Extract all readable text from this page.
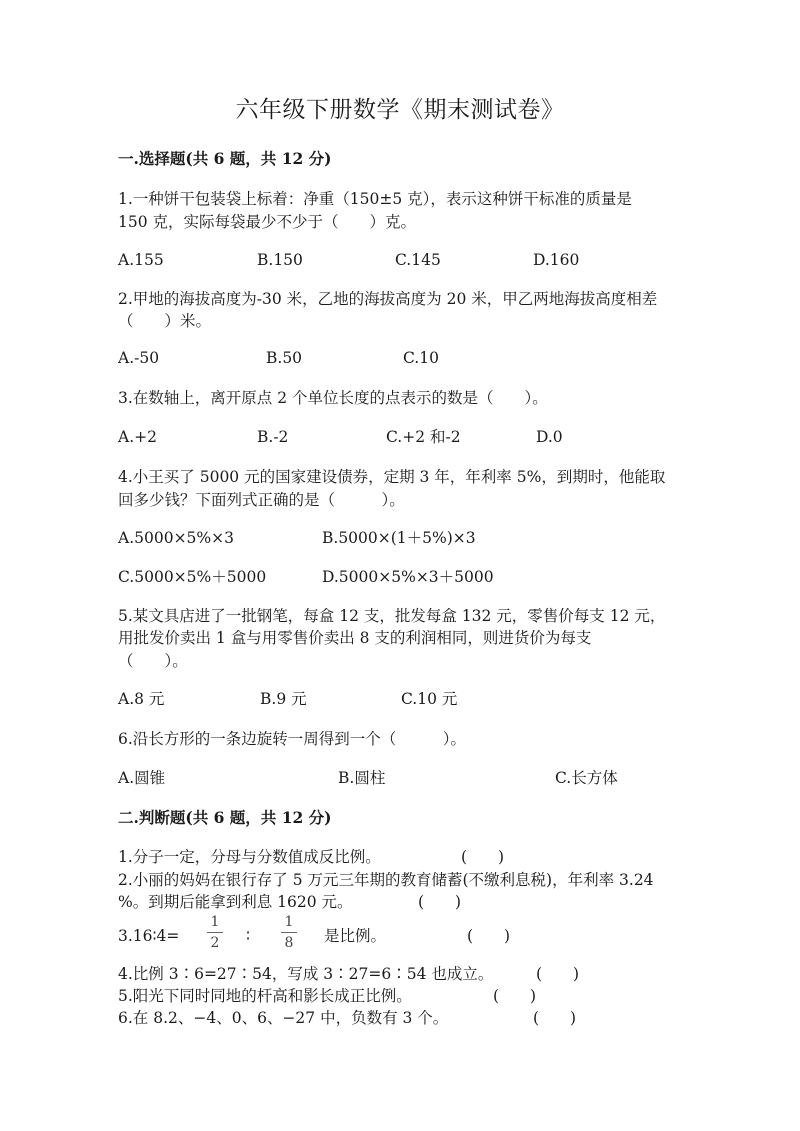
六年级下册数学《期末测试卷》
一.选择题(共 6 题，共 12 分)
1.一种饼干包装袋上标着：净重（150±5 克），表示这种饼干标准的质量是
150 克，实际每袋最少不少于（　　）克。
A.155	B.150	C.145	D.160
2.甲地的海拔高度为-30 米，乙地的海拔高度为 20 米，甲乙两地海拔高度相差
（　　）米。
A.-50	B.50	C.10
3.在数轴上，离开原点 2 个单位长度的点表示的数是（　　）。
A.+2	B.-2	C.+2 和-2	D.0
4.小王买了 5000 元的国家建设债券，定期 3 年，年利率 5%，到期时，他能取
回多少钱？下面列式正确的是（　　　）。
A.5000×5%×3	B.5000×(1＋5%)×3
C.5000×5%＋5000	D.5000×5%×3＋5000
5.某文具店进了一批钢笔，每盒 12 支，批发每盒 132 元，零售价每支 12 元，
用批发价卖出 1 盒与用零售价卖出 8 支的利润相同，则进货价为每支
（　　）。
A.8 元	B.9 元	C.10 元
6.沿长方形的一条边旋转一周得到一个（　　　）。
A.圆锥	B.圆柱	C.长方体
二.判断题(共 6 题，共 12 分)
1.分子一定，分母与分数值成反比例。	(　　)
2.小丽的妈妈在银行存了 5 万元三年期的教育储蓄(不缴利息税)，年利率 3.24
%。到期后能拿到利息 1620 元。	(　　)
3.16∶4=
1
2	∶
1
8	是比例。	(　　)
4.比例 3∶6=27∶54，写成 3∶27=6∶54 也成立。	(　　)
5.阳光下同时同地的杆高和影长成正比例。	(　　)
6.在 8.2、−4、0、6、−27 中，负数有 3 个。	(　　)
